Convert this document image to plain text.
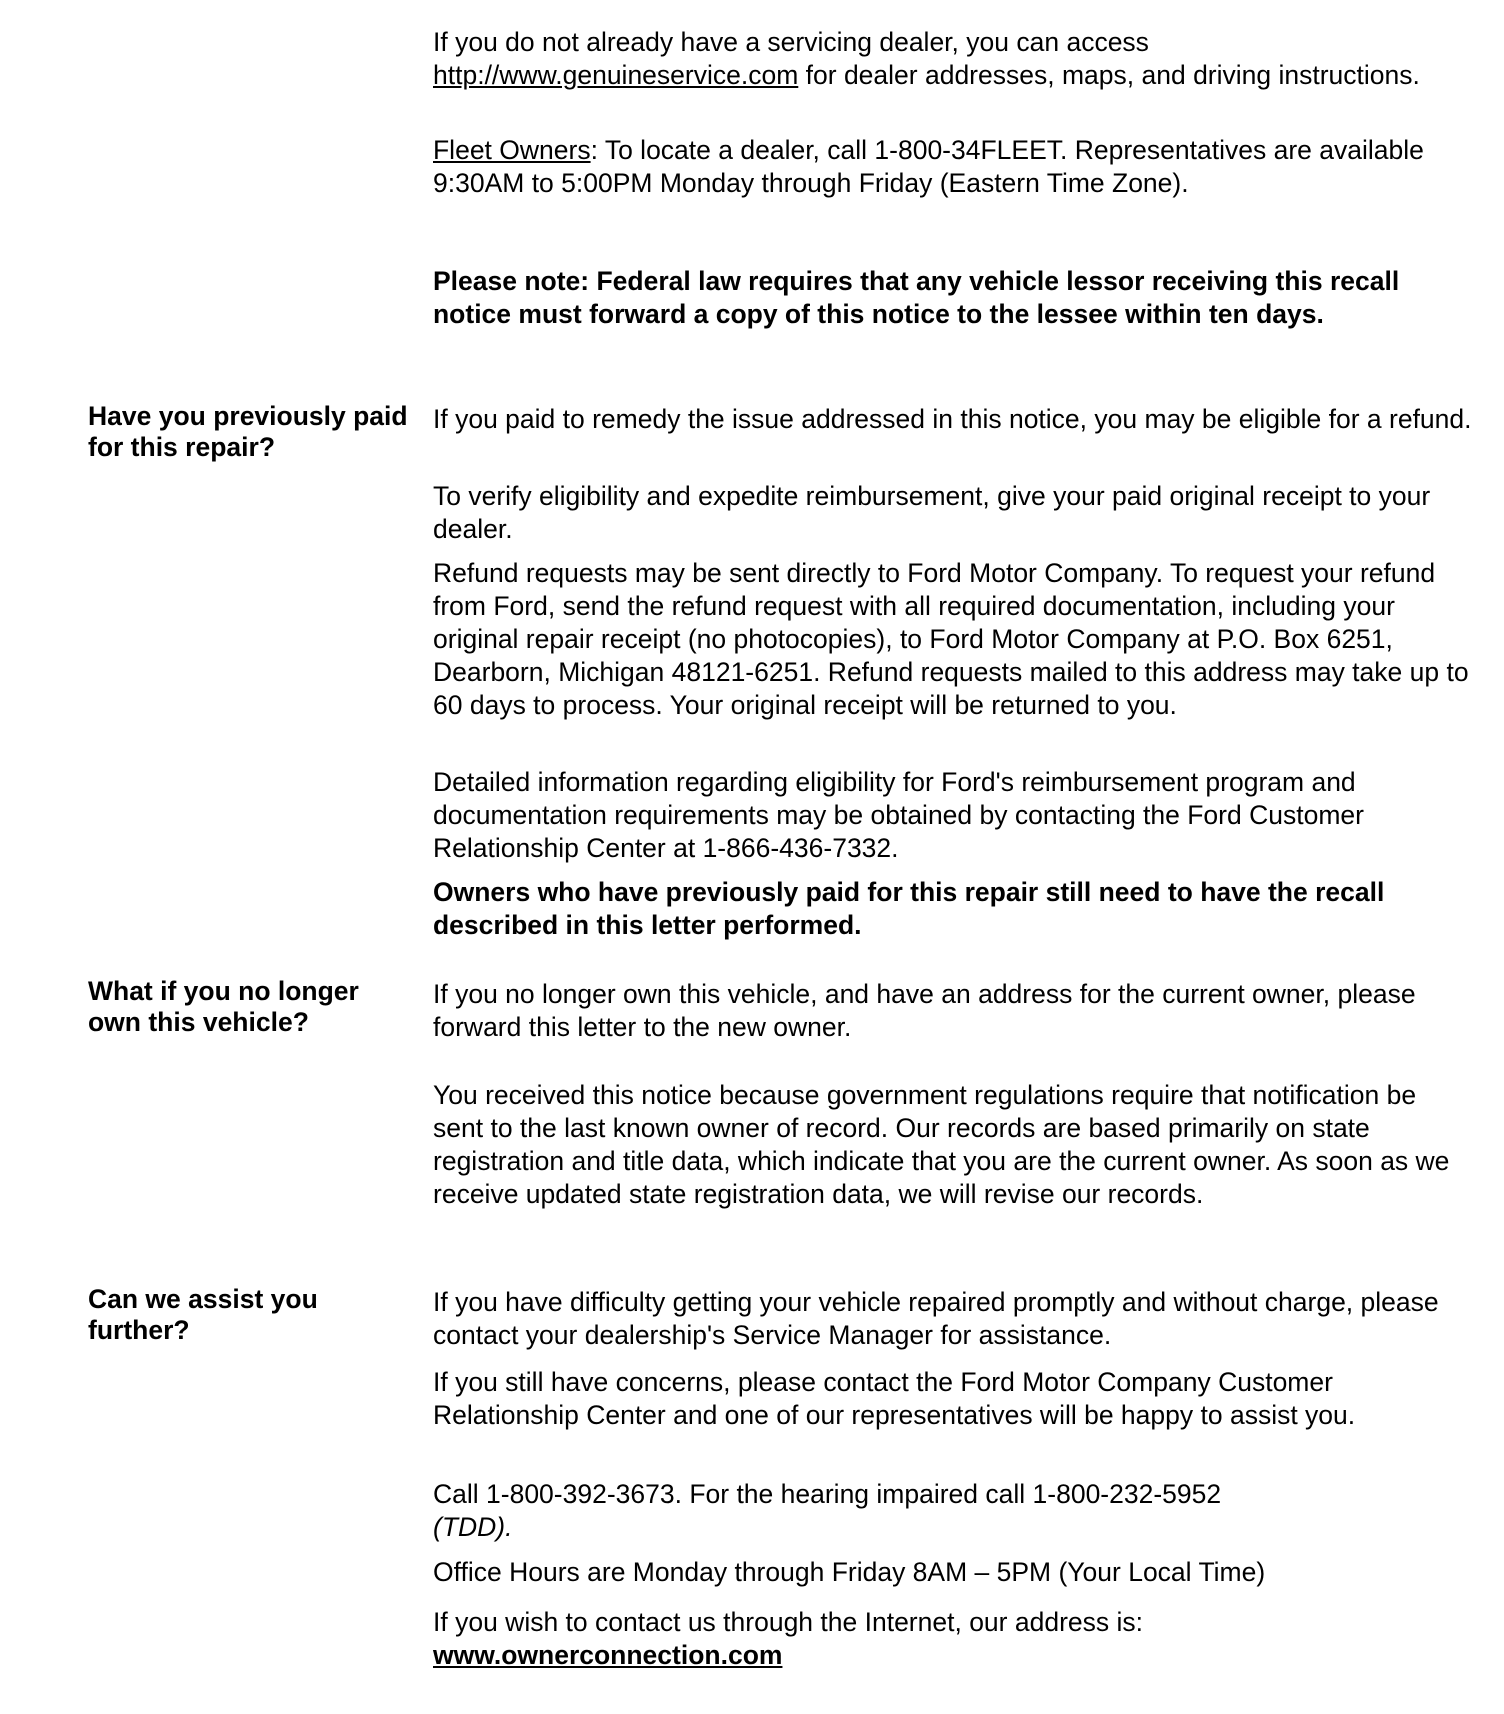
If you do not already have a servicing dealer, you can access
http://www.genuineservice.com for dealer addresses, maps, and driving instructions.

Fleet Owners: To locate a dealer, call 1-800-34FLEET. Representatives are available 9:30AM to 5:00PM Monday through Friday (Eastern Time Zone).

Please note: Federal law requires that any vehicle lessor receiving this recall notice must forward a copy of this notice to the lessee within ten days.

Have you previously paid for this repair?

If you paid to remedy the issue addressed in this notice, you may be eligible for a refund.

To verify eligibility and expedite reimbursement, give your paid original receipt to your dealer.

Refund requests may be sent directly to Ford Motor Company. To request your refund from Ford, send the refund request with all required documentation, including your original repair receipt (no photocopies), to Ford Motor Company at P.O. Box 6251, Dearborn, Michigan 48121-6251. Refund requests mailed to this address may take up to 60 days to process. Your original receipt will be returned to you.

Detailed information regarding eligibility for Ford's reimbursement program and documentation requirements may be obtained by contacting the Ford Customer Relationship Center at 1-866-436-7332.

Owners who have previously paid for this repair still need to have the recall described in this letter performed.

What if you no longer own this vehicle?

If you no longer own this vehicle, and have an address for the current owner, please forward this letter to the new owner.

You received this notice because government regulations require that notification be sent to the last known owner of record. Our records are based primarily on state registration and title data, which indicate that you are the current owner. As soon as we receive updated state registration data, we will revise our records.

Can we assist you further?

If you have difficulty getting your vehicle repaired promptly and without charge, please contact your dealership's Service Manager for assistance.

If you still have concerns, please contact the Ford Motor Company Customer Relationship Center and one of our representatives will be happy to assist you.

Call 1-800-392-3673. For the hearing impaired call 1-800-232-5952
(TDD).

Office Hours are Monday through Friday 8AM – 5PM (Your Local Time)

If you wish to contact us through the Internet, our address is:
www.ownerconnection.com
